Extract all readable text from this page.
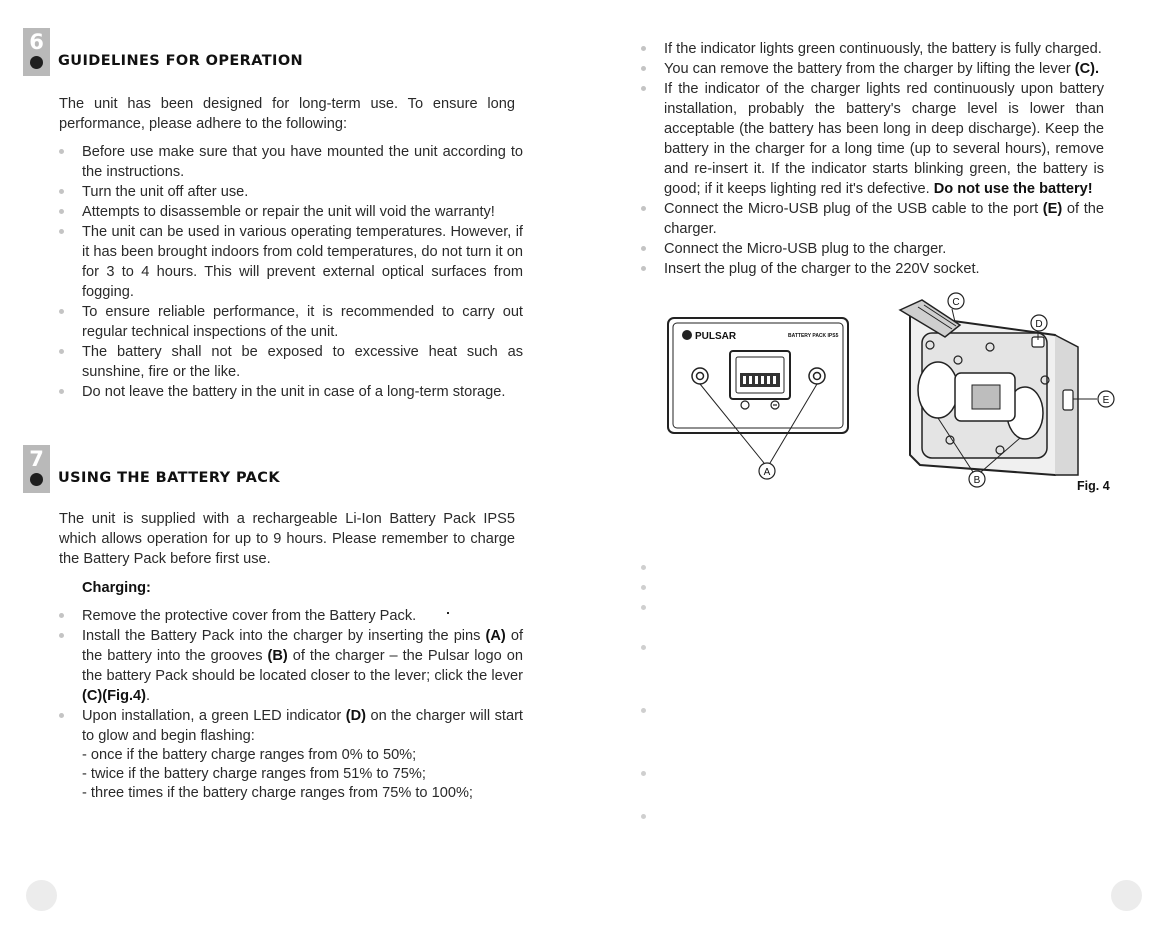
6
GUIDELINES FOR OPERATION

The unit has been designed for long-term use. To ensure long performance, please adhere to the following:

Before use make sure that you have mounted the unit according to the instructions.
Turn the unit off after use.
Attempts to disassemble or repair the unit will void the warranty!
The unit can be used in various operating temperatures. However, if it has been brought indoors from cold temperatures, do not turn it on for 3 to 4 hours. This will prevent external optical surfaces from fogging.
To ensure reliable performance, it is recommended to carry out regular technical inspections of the unit.
The battery shall not be exposed to excessive heat such as sunshine, fire or the like.
Do not leave the battery in the unit in case of a long-term storage.
7
USING THE BATTERY PACK

The unit is supplied with a rechargeable Li-Ion Battery Pack IPS5 which allows operation for up to 9 hours. Please remember to charge the Battery Pack before first use.

Charging:
Remove the protective cover from the Battery Pack.
Install the Battery Pack into the charger by inserting the pins (A) of the battery into the grooves (B) of the charger – the Pulsar logo on the battery Pack should be located closer to the lever; click the lever (C)(Fig.4).
Upon installation, a green LED indicator (D) on the charger will start to glow and begin flashing:
- once if the battery charge ranges from 0% to 50%;
- twice if the battery charge ranges from 51% to 75%;
- three times if the battery charge ranges from 75% to 100%;
If the indicator lights green continuously, the battery is fully charged.
You can remove the battery from the charger by lifting the lever (C).
If the indicator of the charger lights red continuously upon battery installation, probably the battery's charge level is lower than acceptable (the battery has been long in deep discharge). Keep the battery in the charger for a long time (up to several hours), remove and re-insert it. If the indicator starts blinking green, the battery is good; if it keeps lighting red it's defective. Do not use the battery!
Connect the Micro-USB plug of the USB cable to the port (E) of the charger.
Connect the Micro-USB plug to the charger.
Insert the plug of the charger to the 220V socket.
PULSAR	BATTERY PACK IPS5
A
C
D
E
B	Fig. 4
